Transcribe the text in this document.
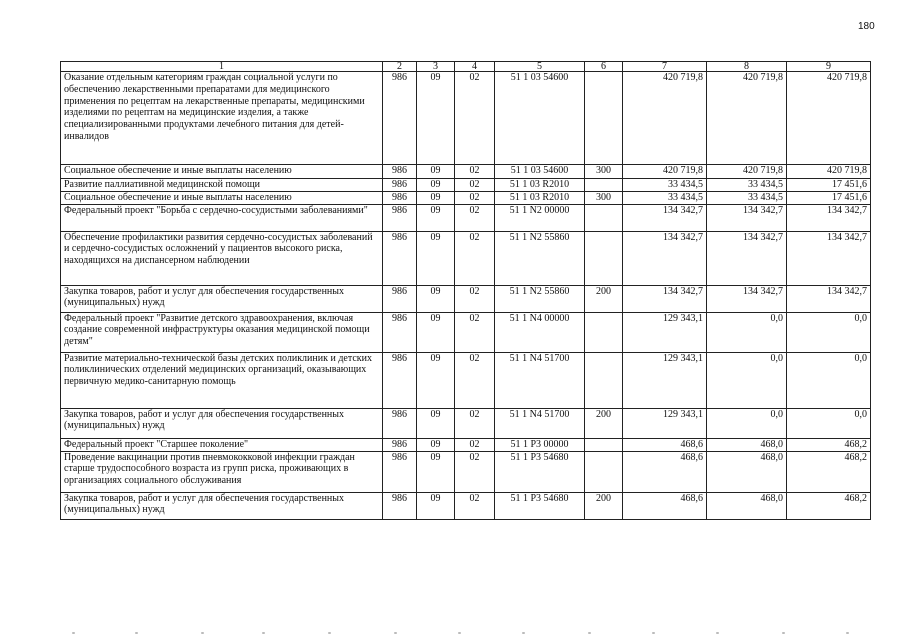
180
1	2	3	4	5	6	7	8	9
Оказание отдельным категориям граждан социальной услуги по обеспечению лекарственными препаратами для медицинского применения по рецептам на лекарственные препараты, медицинскими изделиями по рецептам на медицинские изделия, а также специализированными продуктами лечебного питания для детей-инвалидов	986	09	02	51 1 03 54600		420 719,8	420 719,8	420 719,8
Социальное обеспечение и иные выплаты населению	986	09	02	51 1 03 54600	300	420 719,8	420 719,8	420 719,8
Развитие паллиативной медицинской помощи	986	09	02	51 1 03 R2010		33 434,5	33 434,5	17 451,6
Социальное обеспечение и иные выплаты населению	986	09	02	51 1 03 R2010	300	33 434,5	33 434,5	17 451,6
Федеральный проект "Борьба с сердечно-сосудистыми заболеваниями"	986	09	02	51 1 N2 00000		134 342,7	134 342,7	134 342,7
Обеспечение профилактики развития сердечно-сосудистых заболеваний и сердечно-сосудистых осложнений у пациентов высокого риска, находящихся на диспансерном наблюдении	986	09	02	51 1 N2 55860		134 342,7	134 342,7	134 342,7
Закупка товаров, работ и услуг для обеспечения государственных (муниципальных) нужд	986	09	02	51 1 N2 55860	200	134 342,7	134 342,7	134 342,7
Федеральный проект "Развитие детского здравоохранения, включая создание современной инфраструктуры оказания медицинской помощи детям"	986	09	02	51 1 N4 00000		129 343,1	0,0	0,0
Развитие материально-технической базы детских поликлиник и детских поликлинических отделений медицинских организаций, оказывающих первичную медико-санитарную помощь	986	09	02	51 1 N4 51700		129 343,1	0,0	0,0
Закупка товаров, работ и услуг для обеспечения государственных (муниципальных) нужд	986	09	02	51 1 N4 51700	200	129 343,1	0,0	0,0
Федеральный проект "Старшее поколение"	986	09	02	51 1 P3 00000		468,6	468,0	468,2
Проведение вакцинации против пневмококковой инфекции граждан старше трудоспособного возраста из групп риска, проживающих в организациях социального обслуживания	986	09	02	51 1 P3 54680		468,6	468,0	468,2
Закупка товаров, работ и услуг для обеспечения государственных (муниципальных) нужд	986	09	02	51 1 P3 54680	200	468,6	468,0	468,2
